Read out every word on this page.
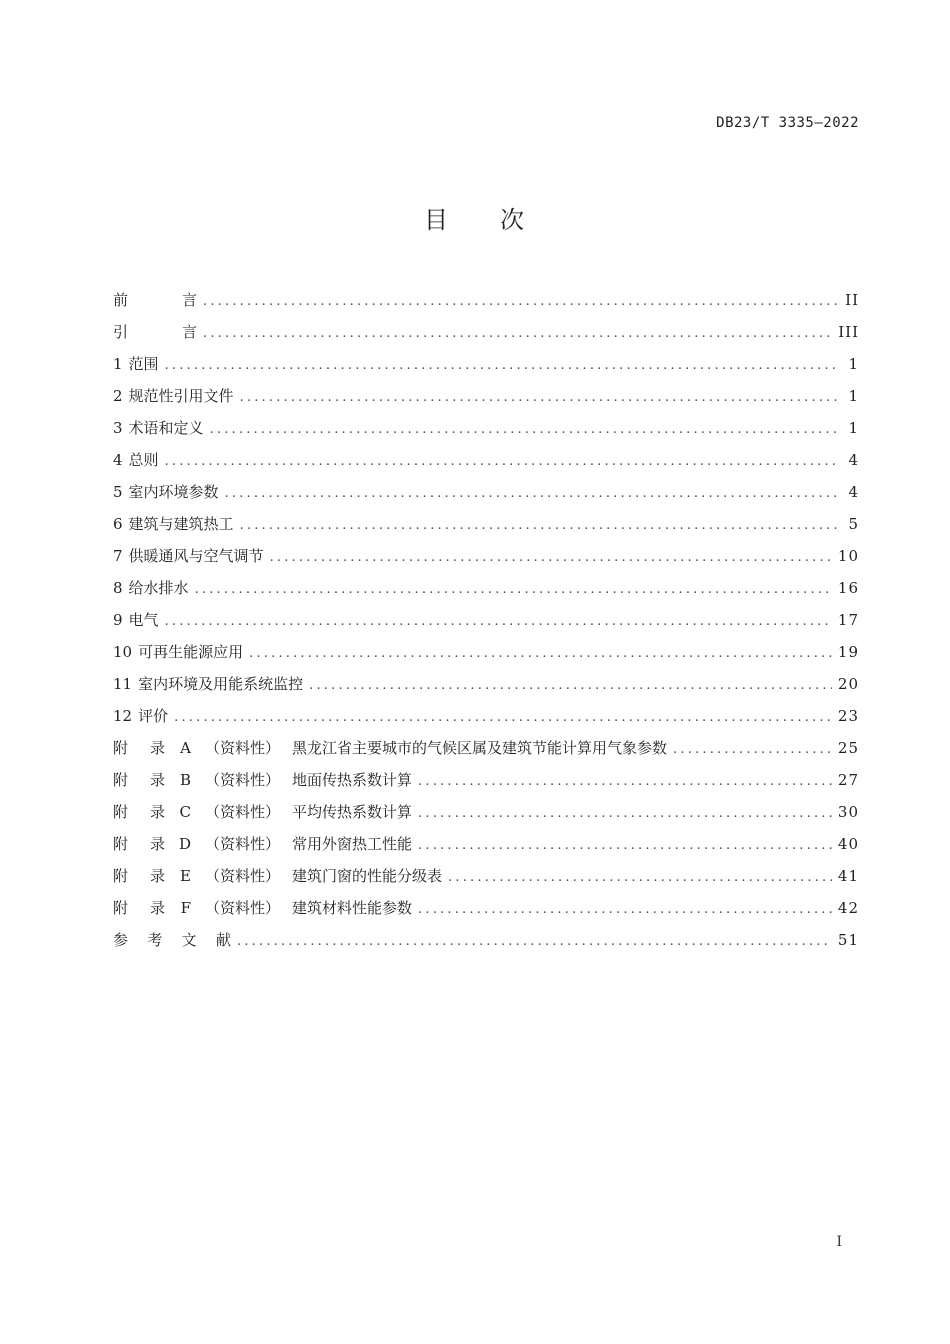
DB23/T 3335—2022
目 次
前	言 .....	II
引	言 .....	III
1 范围 .....	1
2 规范性引用文件 .....	1
3 术语和定义 .....	1
4 总则 .....	4
5 室内环境参数 .....	4
6 建筑与建筑热工 .....	5
7 供暖通风与空气调节 .....	10
8 给水排水 .....	16
9 电气 .....	17
10 可再生能源应用 .....	19
11 室内环境及用能系统监控 .....	20
12 评价 .....	23
附 录	A （资料性） 黑龙江省主要城市的气候区属及建筑节能计算用气象参数 .....	25
附 录 B （资料性） 地面传热系数计算 .....	27
附 录 C （资料性） 平均传热系数计算 .....	30
附 录 D （资料性） 常用外窗热工性能 .....	40
附 录	E （资料性） 建筑门窗的性能分级表 .....	41
附 录	F （资料性） 建筑材料性能参数 .....	42
参 考 文 献 .....	51
I
